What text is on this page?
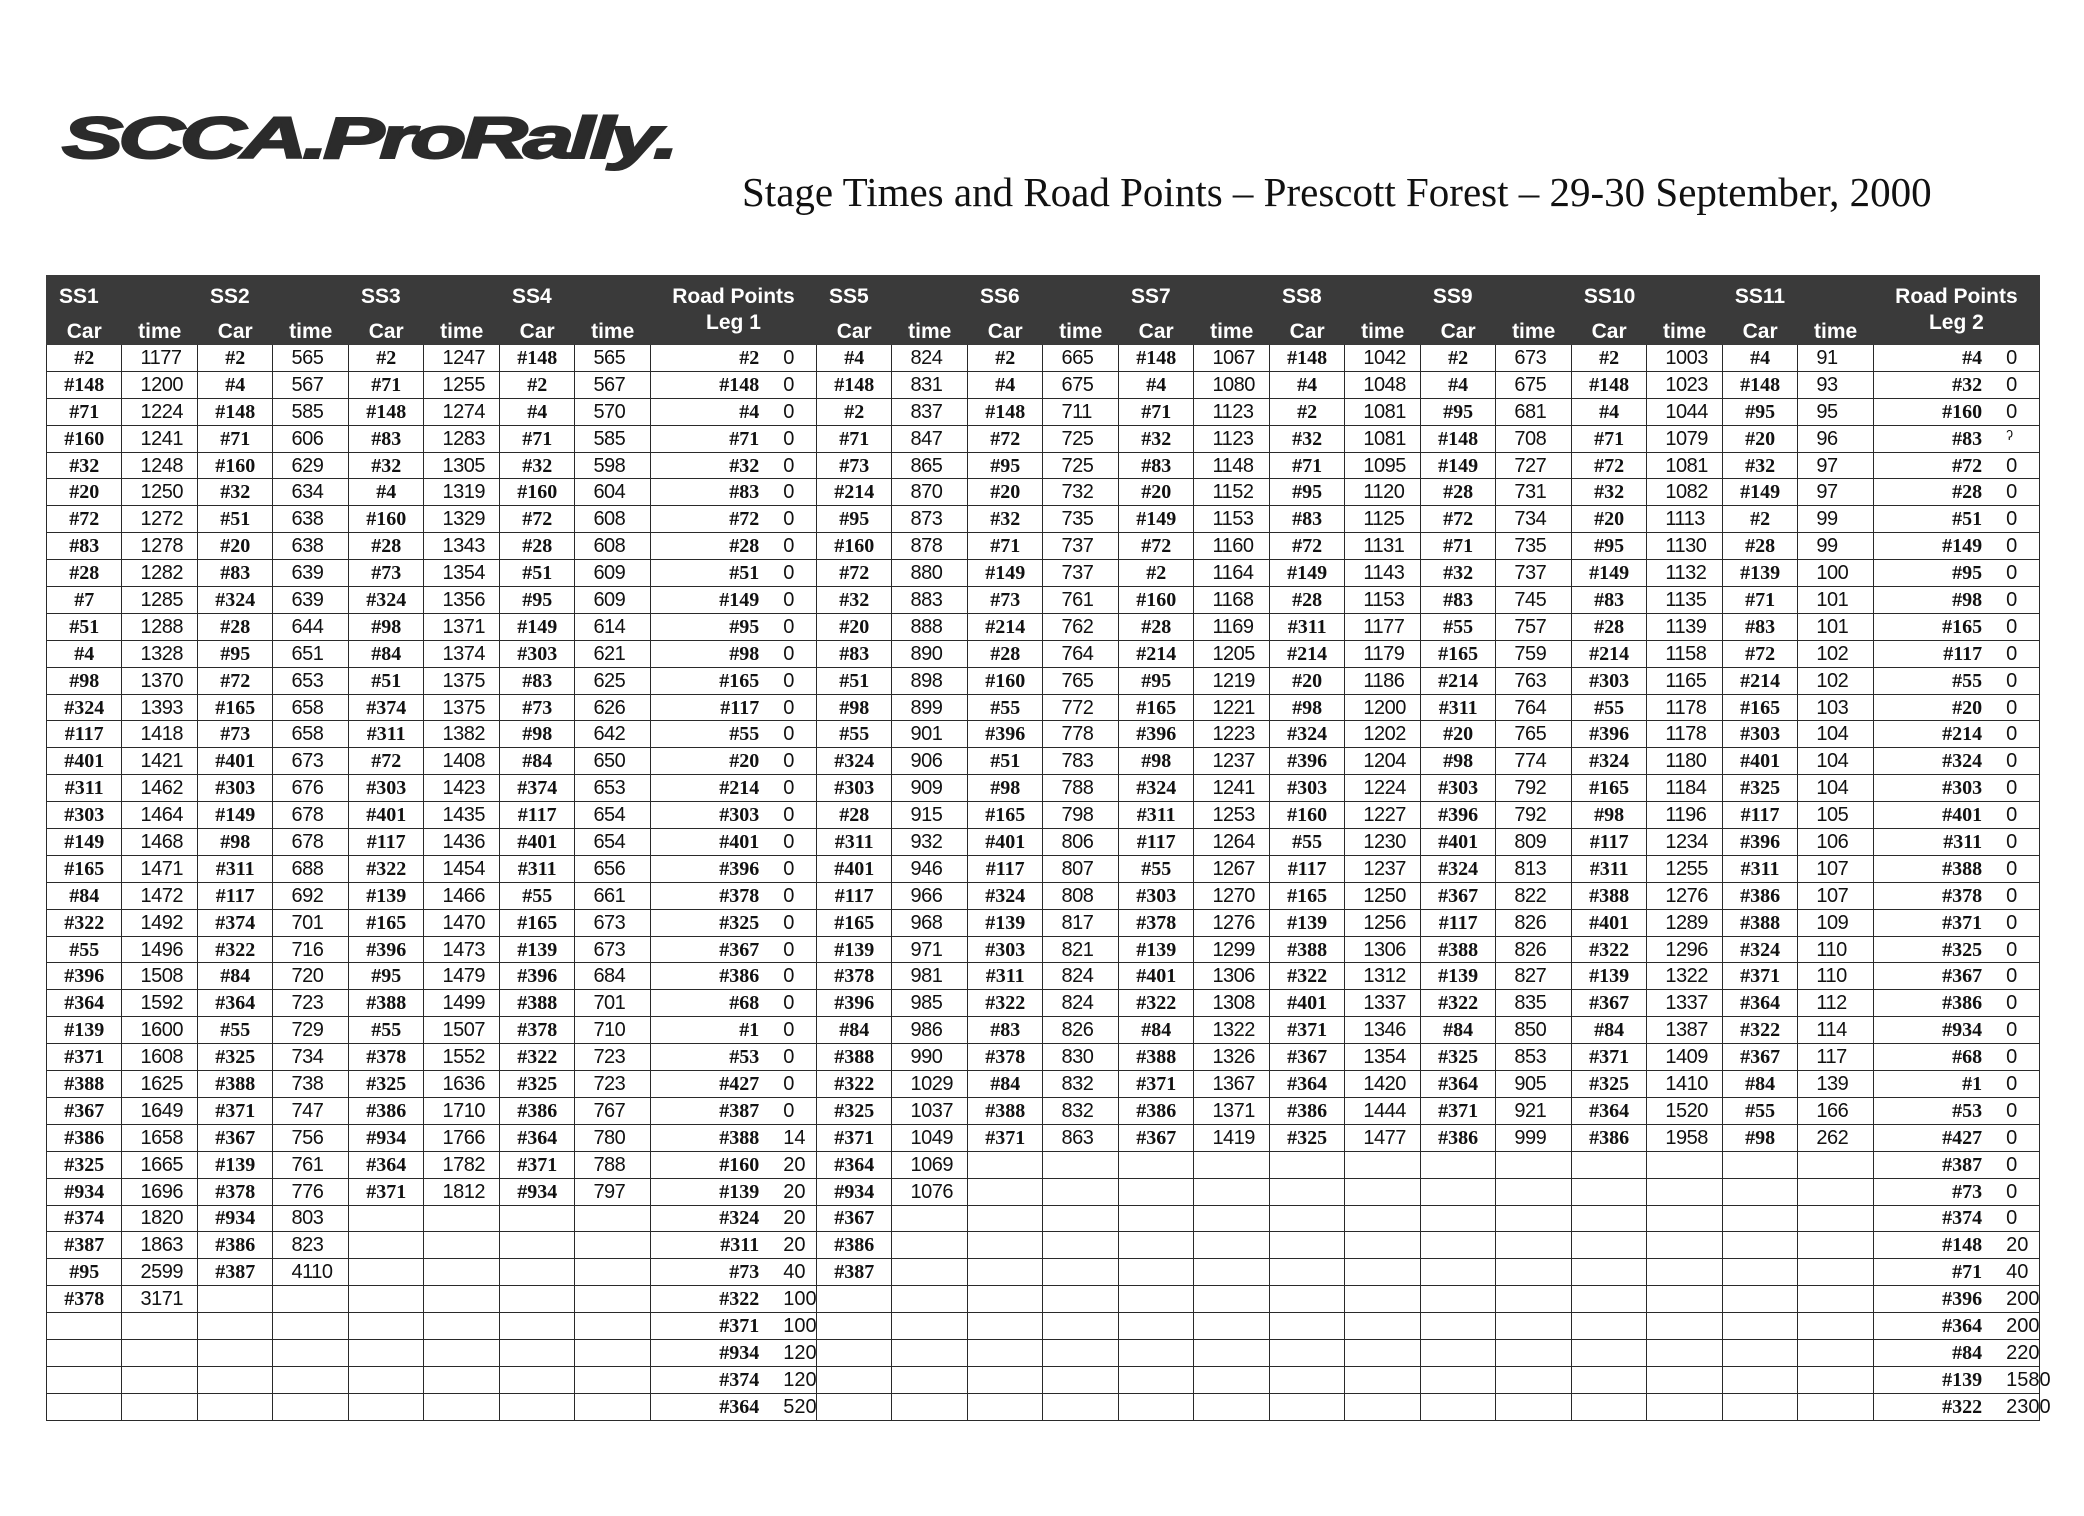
SCCA.ProRally.
Stage Times and Road Points – Prescott Forest – 29-30 September, 2000
SS1		SS2		SS3		SS4		Road Points Leg 1		SS5		SS6		SS7		SS8		SS9		SS10		SS11		Road Points Leg 2	
Car	time	Car	time	Car	time	Car	time			Car	time	Car	time	Car	time	Car	time	Car	time	Car	time	Car	time		
#2	1177	#2	565	#2	1247	#148	565	#2	0	#4	824	#2	665	#148	1067	#148	1042	#2	673	#2	1003	#4	91	#4	0
#148	1200	#4	567	#71	1255	#2	567	#148	0	#148	831	#4	675	#4	1080	#4	1048	#4	675	#148	1023	#148	93	#32	0
#71	1224	#148	585	#148	1274	#4	570	#4	0	#2	837	#148	711	#71	1123	#2	1081	#95	681	#4	1044	#95	95	#160	0
#160	1241	#71	606	#83	1283	#71	585	#71	0	#71	847	#72	725	#32	1123	#32	1081	#148	708	#71	1079	#20	96	#83	ˀ
#32	1248	#160	629	#32	1305	#32	598	#32	0	#73	865	#95	725	#83	1148	#71	1095	#149	727	#72	1081	#32	97	#72	0
#20	1250	#32	634	#4	1319	#160	604	#83	0	#214	870	#20	732	#20	1152	#95	1120	#28	731	#32	1082	#149	97	#28	0
#72	1272	#51	638	#160	1329	#72	608	#72	0	#95	873	#32	735	#149	1153	#83	1125	#72	734	#20	1113	#2	99	#51	0
#83	1278	#20	638	#28	1343	#28	608	#28	0	#160	878	#71	737	#72	1160	#72	1131	#71	735	#95	1130	#28	99	#149	0
#28	1282	#83	639	#73	1354	#51	609	#51	0	#72	880	#149	737	#2	1164	#149	1143	#32	737	#149	1132	#139	100	#95	0
#7	1285	#324	639	#324	1356	#95	609	#149	0	#32	883	#73	761	#160	1168	#28	1153	#83	745	#83	1135	#71	101	#98	0
#51	1288	#28	644	#98	1371	#149	614	#95	0	#20	888	#214	762	#28	1169	#311	1177	#55	757	#28	1139	#83	101	#165	0
#4	1328	#95	651	#84	1374	#303	621	#98	0	#83	890	#28	764	#214	1205	#214	1179	#165	759	#214	1158	#72	102	#117	0
#98	1370	#72	653	#51	1375	#83	625	#165	0	#51	898	#160	765	#95	1219	#20	1186	#214	763	#303	1165	#214	102	#55	0
#324	1393	#165	658	#374	1375	#73	626	#117	0	#98	899	#55	772	#165	1221	#98	1200	#311	764	#55	1178	#165	103	#20	0
#117	1418	#73	658	#311	1382	#98	642	#55	0	#55	901	#396	778	#396	1223	#324	1202	#20	765	#396	1178	#303	104	#214	0
#401	1421	#401	673	#72	1408	#84	650	#20	0	#324	906	#51	783	#98	1237	#396	1204	#98	774	#324	1180	#401	104	#324	0
#311	1462	#303	676	#303	1423	#374	653	#214	0	#303	909	#98	788	#324	1241	#303	1224	#303	792	#165	1184	#325	104	#303	0
#303	1464	#149	678	#401	1435	#117	654	#303	0	#28	915	#165	798	#311	1253	#160	1227	#396	792	#98	1196	#117	105	#401	0
#149	1468	#98	678	#117	1436	#401	654	#401	0	#311	932	#401	806	#117	1264	#55	1230	#401	809	#117	1234	#396	106	#311	0
#165	1471	#311	688	#322	1454	#311	656	#396	0	#401	946	#117	807	#55	1267	#117	1237	#324	813	#311	1255	#311	107	#388	0
#84	1472	#117	692	#139	1466	#55	661	#378	0	#117	966	#324	808	#303	1270	#165	1250	#367	822	#388	1276	#386	107	#378	0
#322	1492	#374	701	#165	1470	#165	673	#325	0	#165	968	#139	817	#378	1276	#139	1256	#117	826	#401	1289	#388	109	#371	0
#55	1496	#322	716	#396	1473	#139	673	#367	0	#139	971	#303	821	#139	1299	#388	1306	#388	826	#322	1296	#324	110	#325	0
#396	1508	#84	720	#95	1479	#396	684	#386	0	#378	981	#311	824	#401	1306	#322	1312	#139	827	#139	1322	#371	110	#367	0
#364	1592	#364	723	#388	1499	#388	701	#68	0	#396	985	#322	824	#322	1308	#401	1337	#322	835	#367	1337	#364	112	#386	0
#139	1600	#55	729	#55	1507	#378	710	#1	0	#84	986	#83	826	#84	1322	#371	1346	#84	850	#84	1387	#322	114	#934	0
#371	1608	#325	734	#378	1552	#322	723	#53	0	#388	990	#378	830	#388	1326	#367	1354	#325	853	#371	1409	#367	117	#68	0
#388	1625	#388	738	#325	1636	#325	723	#427	0	#322	1029	#84	832	#371	1367	#364	1420	#364	905	#325	1410	#84	139	#1	0
#367	1649	#371	747	#386	1710	#386	767	#387	0	#325	1037	#388	832	#386	1371	#386	1444	#371	921	#364	1520	#55	166	#53	0
#386	1658	#367	756	#934	1766	#364	780	#388	14	#371	1049	#371	863	#367	1419	#325	1477	#386	999	#386	1958	#98	262	#427	0
#325	1665	#139	761	#364	1782	#371	788	#160	20	#364	1069													#387	0
#934	1696	#378	776	#371	1812	#934	797	#139	20	#934	1076													#73	0
#374	1820	#934	803					#324	20	#367														#374	0
#387	1863	#386	823					#311	20	#386														#148	20
#95	2599	#387	4110					#73	40	#387														#71	40
#378	3171							#322	100															#396	200
								#371	100															#364	200
								#934	120															#84	220
								#374	120															#139	1580
								#364	520															#322	2300
